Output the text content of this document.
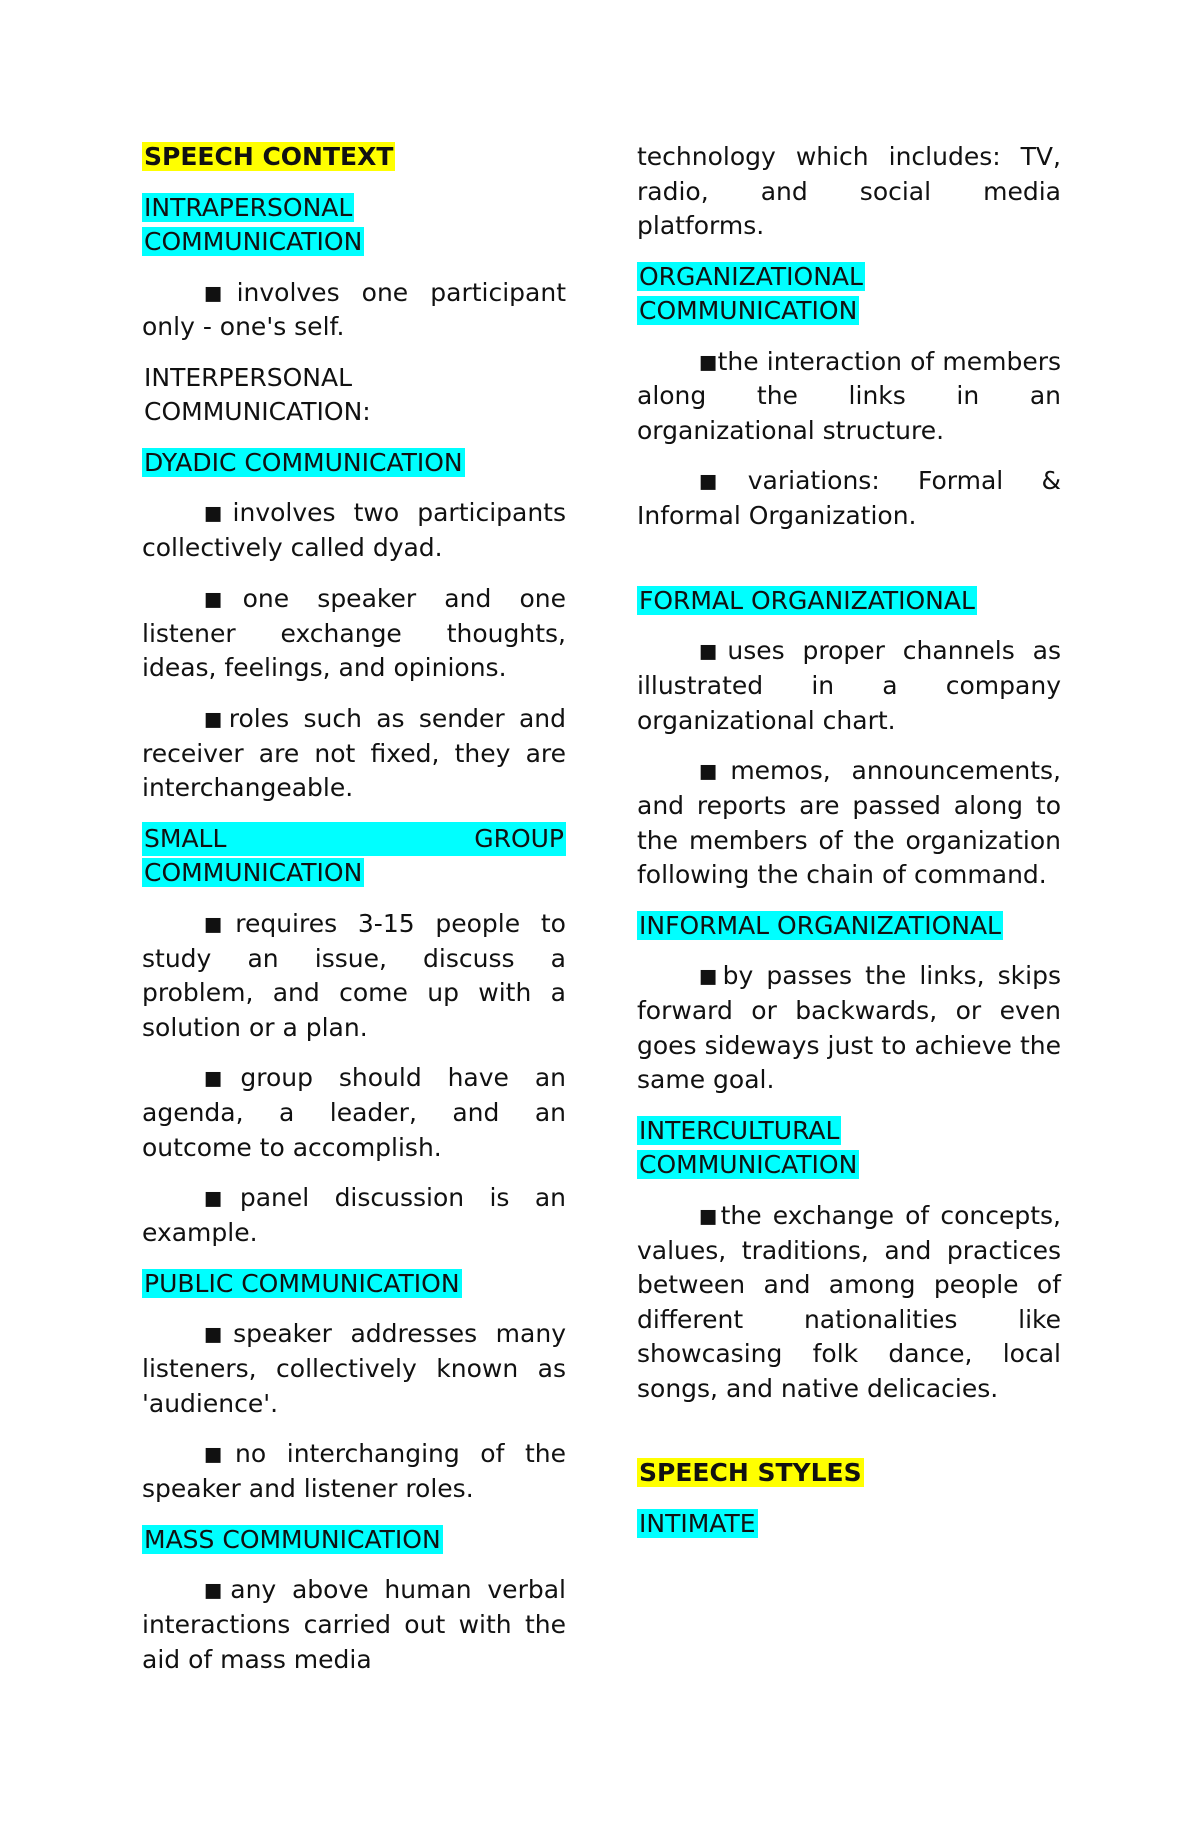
SPEECH CONTEXT

INTRAPERSONAL
COMMUNICATION

■involves one participant only - one's self.

INTERPERSONAL
COMMUNICATION:

DYADIC COMMUNICATION

■involves two participants collectively called dyad.

■one speaker and one listener exchange thoughts, ideas, feelings, and opinions.

■roles such as sender and receiver are not fixed, they are interchangeable.

SMALL	GROUP
COMMUNICATION

■requires 3-15 people to study an issue, discuss a problem, and come up with a solution or a plan.

■group should have an agenda, a leader, and an outcome to accomplish.

■panel discussion is an example.

PUBLIC COMMUNICATION

■speaker addresses many listeners, collectively known as 'audience'.

■no interchanging of the speaker and listener roles.

MASS COMMUNICATION

■any above human verbal interactions carried out with the aid of mass media

technology which includes: TV, radio, and social media platforms.

ORGANIZATIONAL
COMMUNICATION

■the interaction of members along the links in an organizational structure.

■variations: Formal & Informal Organization.

FORMAL ORGANIZATIONAL

■uses proper channels as illustrated in a company organizational chart.

■memos, announcements, and reports are passed along to the members of the organization following the chain of command.

INFORMAL ORGANIZATIONAL

■by passes the links, skips forward or backwards, or even goes sideways just to achieve the same goal.

INTERCULTURAL
COMMUNICATION

■the exchange of concepts, values, traditions, and practices between and among people of different nationalities like showcasing folk dance, local songs, and native delicacies.

SPEECH STYLES

INTIMATE
